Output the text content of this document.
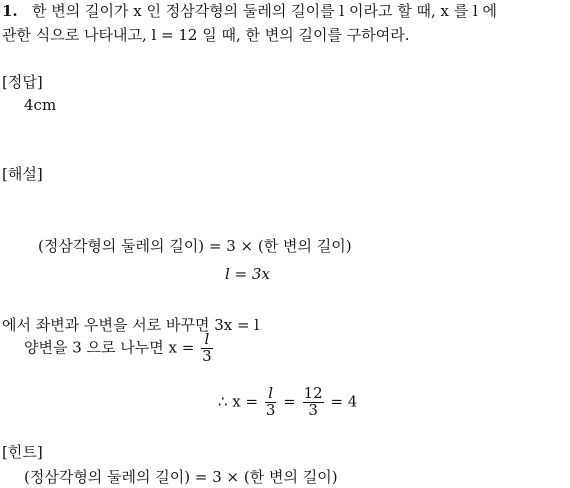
1. 한 변의 길이가 x 인 정삼각형의 둘레의 길이를 l 이라고 할 때, x 를 l 에
관한 식으로 나타내고, l = 12 일 때, 한 변의 길이를 구하여라.
[정답]
4cm
[해설]
(정삼각형의 둘레의 길이) = 3 × (한 변의 길이)
l = 3x
에서 좌변과 우변을 서로 바꾸면 3x = l
양변을 3 으로 나누면 $x = \frac{l}{3}$
∴ $x = \frac{l}{3} = \frac{12}{3} = 4$
[힌트]
(정삼각형의 둘레의 길이) = 3 × (한 변의 길이)
